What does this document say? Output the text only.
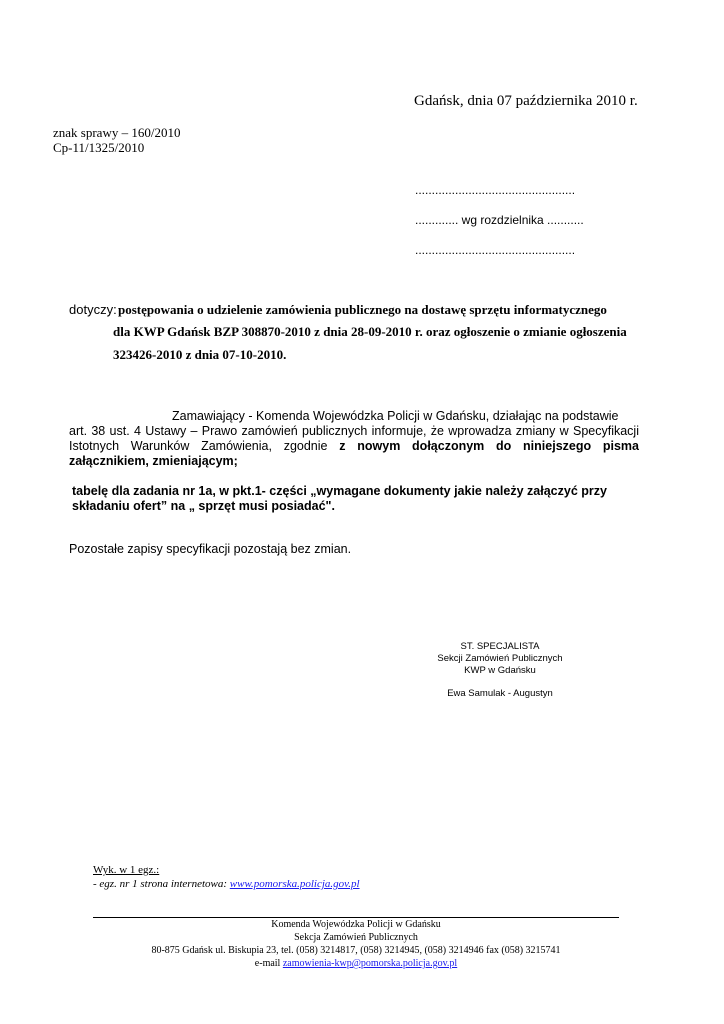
Gdańsk, dnia 07 października 2010 r.
znak sprawy – 160/2010
Cp-11/1325/2010
................................................
............. wg rozdzielnika ...........
................................................
dotyczy: postępowania o udzielenie zamówienia publicznego na dostawę sprzętu informatycznego
dla KWP Gdańsk BZP 308870-2010 z dnia 28-09-2010 r. oraz ogłoszenie o zmianie ogłoszenia
323426-2010 z dnia 07-10-2010.
Zamawiający - Komenda Wojewódzka Policji w Gdańsku, działając na podstawie
art. 38 ust. 4 Ustawy – Prawo zamówień publicznych informuje, że wprowadza zmiany w Specyfikacji
Istotnych Warunków Zamówienia, zgodnie z nowym dołączonym do niniejszego pisma
załącznikiem, zmieniającym;
tabelę dla zadania nr 1a, w pkt.1- części „wymagane dokumenty jakie należy załączyć przy
składaniu ofert” na „ sprzęt musi posiadać".
Pozostałe zapisy specyfikacji pozostają bez zmian.
ST. SPECJALISTA
Sekcji Zamówień Publicznych
KWP w Gdańsku
Ewa Samulak - Augustyn
Wyk. w 1 egz.:
- egz. nr 1 strona internetowa: www.pomorska.policja.gov.pl
Komenda Wojewódzka Policji w Gdańsku
Sekcja Zamówień Publicznych
80-875 Gdańsk ul. Biskupia 23, tel. (058) 3214817, (058) 3214945, (058) 3214946 fax (058) 3215741
e-mail zamowienia-kwp@pomorska.policja.gov.pl
